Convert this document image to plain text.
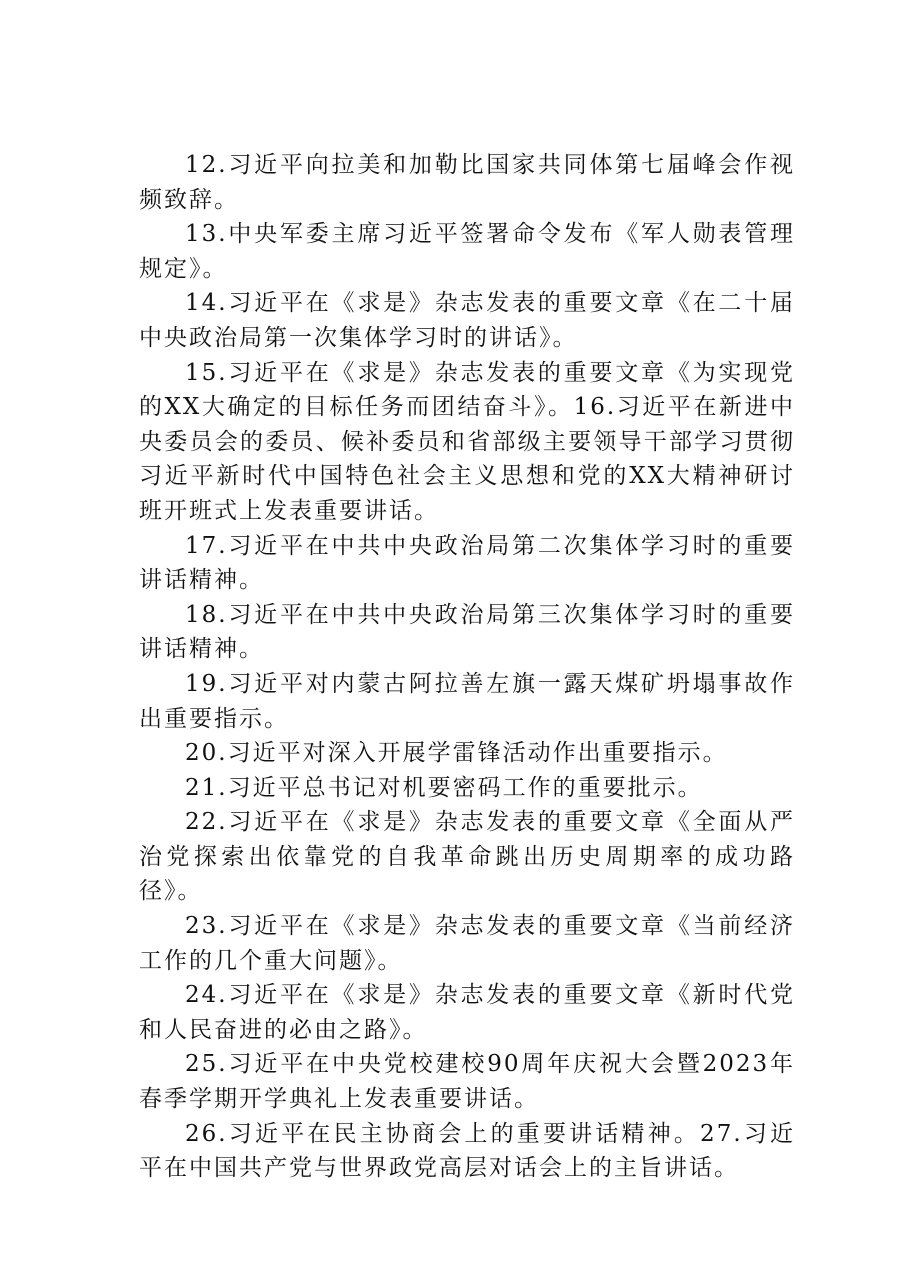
12.习近平向拉美和加勒比国家共同体第七届峰会作视频致辞。

13.中央军委主席习近平签署命令发布《军人勋表管理规定》。

14.习近平在《求是》杂志发表的重要文章《在二十届中央政治局第一次集体学习时的讲话》。

15.习近平在《求是》杂志发表的重要文章《为实现党的XX大确定的目标任务而团结奋斗》。16.习近平在新进中央委员会的委员、候补委员和省部级主要领导干部学习贯彻习近平新时代中国特色社会主义思想和党的XX大精神研讨班开班式上发表重要讲话。

17.习近平在中共中央政治局第二次集体学习时的重要讲话精神。

18.习近平在中共中央政治局第三次集体学习时的重要讲话精神。

19.习近平对内蒙古阿拉善左旗一露天煤矿坍塌事故作出重要指示。

20.习近平对深入开展学雷锋活动作出重要指示。

21.习近平总书记对机要密码工作的重要批示。

22.习近平在《求是》杂志发表的重要文章《全面从严治党探索出依靠党的自我革命跳出历史周期率的成功路径》。

23.习近平在《求是》杂志发表的重要文章《当前经济工作的几个重大问题》。

24.习近平在《求是》杂志发表的重要文章《新时代党和人民奋进的必由之路》。

25.习近平在中央党校建校90周年庆祝大会暨2023年春季学期开学典礼上发表重要讲话。

26.习近平在民主协商会上的重要讲话精神。27.习近平在中国共产党与世界政党高层对话会上的主旨讲话。
